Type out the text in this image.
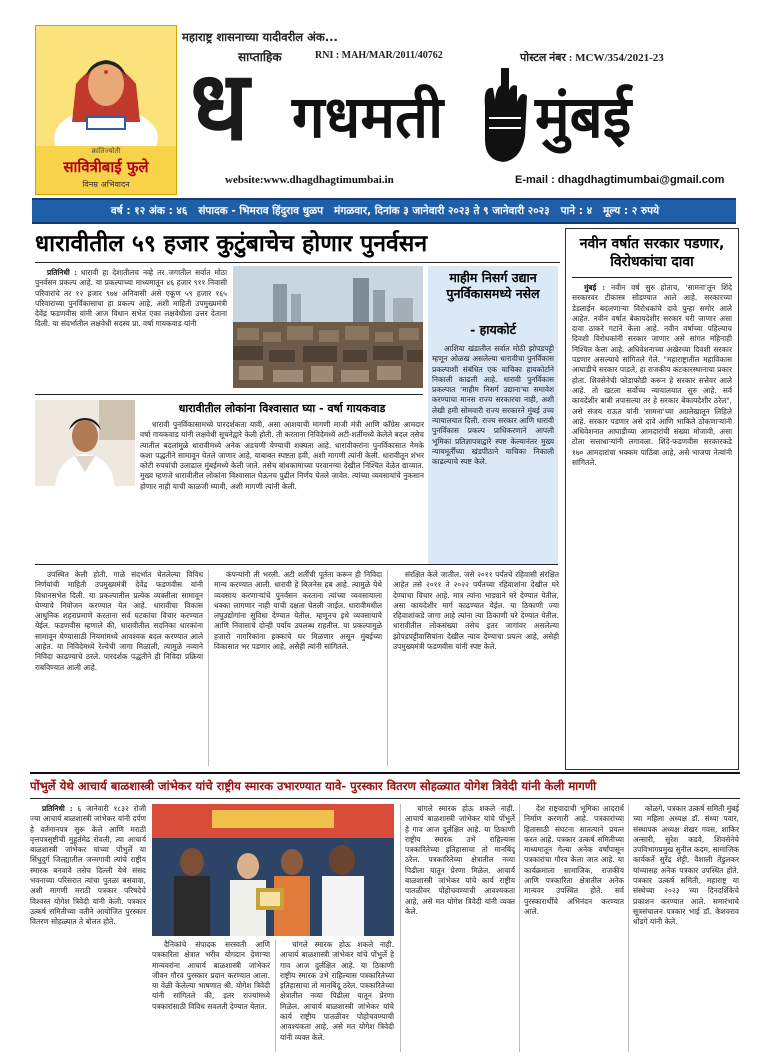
क्रांतिज्योती
सावित्रीबाई फुले
विनम्र अभिवादन
महाराष्ट्र शासनाच्या यादीवरील अंक...
साप्ताहिक	RNI : MAH/MAR/2011/40762	पोस्टल नंबर : MCW/354/2021-23
ध गधमती मुंबई
website:www.dhagdhagtimumbai.in	E-mail : dhagdhagtimumbai@gmail.com
वर्ष : १२ अंक : ४६   संपादक - भिमराव हिंदुराव धुळप   मंगळवार, दिनांक ३ जानेवारी २०२३ ते ९ जानेवारी २०२३   पाने : ४   मूल्य : २ रुपये
धारावीतील ५९ हजार कुटुंबाचेच होणार पुनर्वसन

प्रतिनिधी : धारावी हा देशातीलच नव्हे तर जगातील सर्वात मोठा पुनर्वसन प्रकल्प आहे. या प्रकल्पाच्या माध्यमातून ४६ हजार ९११ निवासी परिवारांचे तर १२ हजार ९७४ अनिवासी असे एकूण ५९ हजार १६५ परिवाराच्या पुनर्विकासाचा हा प्रकल्प आहे, अशी माहिती उपमुख्यमंत्री देवेंद्र फडणवीस यांनी आज विधान सभेत एका लक्षवेधीला उत्तर देताना दिली. या संदर्भातील लक्षवेधी सदस्य प्रा. वर्षा गायकवाड यांनी

माहीम निसर्ग उद्यान पुनर्विकासमध्ये नसेल
- हायकोर्ट

आशिया खंडातील सर्वात मोठी झोपडपट्टी म्हणून ओळख असलेल्या धारावीचा पुनर्विकास प्रकल्पाशी संबंधित एक याचिका हायकोर्टाने निकाली काढली आहे. धारावी पुनर्विकास प्रकल्पात 'माहीम निसर्ग उद्याना'चा समावेश करण्याचा मानस राज्य सरकारचा नाही, अशी लेखी हमी सोमवारी राज्य सरकारने मुंबई उच्च न्यायालयात दिली. राज्य सरकार आणि धारावी पुनर्विकास प्रकल्प प्राधिकरणाने आपली भूमिका प्रतिज्ञापत्राद्वारे स्पष्ट केल्यानंतर मुख्य न्यायमूर्तींच्या खंडपीठाने याचिका निकाली काढल्याचे स्पष्ट केले.

धारावीतील लोकांना विश्वासात घ्या - वर्षा गायकवाड

धारावी पुनर्विकासामध्ये पारदर्शकता यावी, असा आशयाची मागणी माजी मंत्री आणि काँग्रेस आमदार वर्षा गायकवाड यांनी लक्षवेधी सूचनेद्वारे केली होती. ती करताना निविदेमध्ये अटी-शर्तीमध्ये केलेले बदल तसेच त्यातील बदलांमुळे धारावीमध्ये अनेक अडचणी येण्याची शक्यता आहे. धारावीकरांना पुनर्विकासात नेमके कशा पद्धतीने सामावून घेतले जाणार आहे, याबाबत स्पष्टता हवी, अशी मागणी त्यांनी केली. धारावीतून शंभर कोटी रुपयांची उलाढाल मुंबईमध्ये केली जाते. तसेच बांधकामाच्या परवानग्या देखील निश्चित वेळेत द्याव्यात. मुख्य म्हणजे धारावीतील लोकांना विश्वासात घेऊनच पुढील निर्णय घेतले जावेत. त्यांच्या व्यवसायांचे नुकसान होणार नाही याची काळजी घ्यावी, अशी मागणी त्यांनी केली.

उपस्थित केली होती. गाळे संदर्भात घेतलेल्या विविध निर्णयांची माहिती उपमुख्यमंत्री देवेंद्र फडणवीस यांनी विधानसभेत दिली. या प्रकल्पातील प्रत्येक व्यक्तीला सामावून घेण्याचे नियोजन करण्यात येत आहे. धारावीचा विकास आधुनिक शहराप्रमाणे करताना सर्व घटकांचा विचार करण्यात येईल. फडणवीस म्हणाले की, धारावीतील सदनिका धारकांना सामावून घेण्यासाठी नियमांमध्ये आवश्यक बदल करण्यात आले आहेत. या निविदेमध्ये रेल्वेची जागा मिळाली, त्यामुळे नव्याने निविदा काढण्याचे ठरले. पारदर्शक पद्धतीने ही निविदा प्रक्रिया राबविण्यात आली आहे.

कंपन्यांनी ती भरली. अटी शर्तींची पूर्तता करून ही निविदा मान्य करण्यात आली. धारावी हे बिजनेस हब आहे. त्यामुळे येथे व्यवसाय करणाऱ्यांचे पुनर्वसन करताना त्यांच्या व्यवसायाला धक्का लागणार नाही याची दक्षता घेतली जाईल. धारावीमधील लघुउद्योगांना सुविधा देण्यात येतील. म्हणूनच इथे व्यवसायाचे आणि निवासाचे दोन्ही पर्याय उपलब्ध राहतील. या प्रकल्पामुळे हजारो नागरिकांना हक्काचे घर मिळणार असून मुंबईच्या विकासात भर पडणार आहे, असेही त्यांनी सांगितले.

संरक्षित केले जातील. जसे २०११ पर्यंतचे रहिवासी संरक्षित आहेत तसे २०११ ते २०२२ पर्यंतच्या रहिवाशांना देखील घरे देण्याचा विचार आहे. मात्र त्यांना भाड्याने घरे देण्यात येतील, असा कायदेशीर मार्ग काढण्यात येईल. या ठिकाणी ज्या रहिवाशांकडे जागा आहे त्यांना त्या ठिकाणी घरे देण्यात येतील. धारावीतील लोकसंख्या तसेच इतर जागांवर असलेल्या झोपडपट्टीवासियांना देखील न्याय देण्याचा प्रयत्न आहे, असेही उपमुख्यमंत्री फडणवीस यांनी स्पष्ट केले.

नवीन वर्षात सरकार पडणार, विरोधकांचा दावा

मुंबई : नवीन वर्ष सुरु होताच, 'सामना'तून शिंदे सरकारवर टीकास्त्र सोडण्यात आले आहे. सरकारच्या डेडलाईन बदलणाऱ्या विरोधकांचे दावे पुन्हा समोर आले आहेत. नवीन वर्षात बेकायदेशीर सरकार घरी जाणार असा दावा ठाकरे गटाने केला आहे. नवीन वर्षाच्या पहिल्याच दिवशी विरोधकांनी सरकार जाणार असे सांगत महिनाही निश्चित केला आहे. अधिवेशनाच्या अखेरच्या दिवशी सरकार पडणार असल्याचे सांगितले गेले. "महाराष्ट्रातील महाविकास आघाडीचे सरकार पाडले, हा राजकीय कटकारस्थानाचा प्रकार होता. शिवसेनेची फोडाफोडी करून हे सरकार सत्तेवर आले आहे. तो खटला सर्वोच्च न्यायालयात सुरु आहे. सर्व कायदेशीर बाबी तपासल्या तर हे सरकार बेकायदेशीर ठरेल", असे संजय राऊत यांनी 'सामना'च्या अग्रलेखातून लिहिले आहे. सरकार पडणार असे दावे आणि भाकिते ठोकणाऱ्यांनी अधिवेशनात आघाडीच्या आमदारांची संख्या मोजावी, असा टोला सत्ताधाऱ्यांनी लगावला. शिंदे-फडणवीस सरकारकडे १७० आमदारांचा भक्कम पाठिंबा आहे, असे भाजपा नेत्यांनी सांगितले.

पोंभुर्ले येथे आचार्य बाळशास्त्री जांभेकर यांचे राष्ट्रीय स्मारक उभारण्यात यावे- पुरस्कार वितरण सोहळ्यात योगेश त्रिवेदी यांनी केली मागणी

प्रतिनिधी : ६ जानेवारी १८३२ रोजी ज्या आचार्य बाळशास्त्री जांभेकर यांनी दर्पण हे वर्तमानपत्र सुरू केले आणि मराठी वृत्तपत्रसृष्टीची मुहूर्तमेढ रोवली, त्या आचार्य बाळशास्त्री जांभेकर यांच्या पोंभुर्ले या सिंधुदुर्ग जिल्ह्यातील जन्मगावी त्यांचे राष्ट्रीय स्मारक बनवावे तसेच दिल्ली येथे संसद भवनाच्या परिसरात त्यांचा पुतळा बसवावा, अशी मागणी मराठी पत्रकार परिषदेचे विश्वस्त योगेश त्रिवेदी यांनी केली. पत्रकार उत्कर्ष समितीच्या वतीने आयोजित पुरस्कार वितरण सोहळ्यात ते बोलत होते.

दैनिकांचे संपादक सरस्वती आणि पत्रकारिता क्षेत्रात भरीव योगदान देणाऱ्या मान्यवरांना आचार्य बाळशास्त्री जांभेकर जीवन गौरव पुरस्कार प्रदान करण्यात आला. या वेळी केलेल्या भाषणात श्री. योगेश त्रिवेदी यांनी सांगितले की, इतर राज्यांमध्ये पत्रकारांसाठी विविध सवलती देण्यात येतात.

चांगले स्मारक होऊ शकले नाही. आचार्य बाळशास्त्री जांभेकर यांचे पोंभुर्ले हे गाव आज दुर्लक्षित आहे. या ठिकाणी राष्ट्रीय स्मारक उभे राहिल्यास पत्रकारितेच्या इतिहासाचा तो मानबिंदू ठरेल. पत्रकारितेच्या क्षेत्रातील नव्या पिढीला यातून प्रेरणा मिळेल. आचार्य बाळशास्त्री जांभेकर यांचे कार्य राष्ट्रीय पातळीवर पोहोचवण्याची आवश्यकता आहे, असे मत योगेश त्रिवेदी यांनी व्यक्त केले.

चांगले स्मारक होऊ शकले नाही. आचार्य बाळशास्त्री जांभेकर यांचे पोंभुर्ले हे गाव आज दुर्लक्षित आहे. या ठिकाणी राष्ट्रीय स्मारक उभे राहिल्यास पत्रकारितेच्या इतिहासाचा तो मानबिंदू ठरेल. पत्रकारितेच्या क्षेत्रातील नव्या पिढीला यातून प्रेरणा मिळेल. आचार्य बाळशास्त्री जांभेकर यांचे कार्य राष्ट्रीय पातळीवर पोहोचवण्याची आवश्यकता आहे, असे मत योगेश त्रिवेदी यांनी व्यक्त केले.

देश राष्ट्रवादाची भूमिका आदरार्थ निर्माण करणारी आहे. पत्रकारांच्या हितासाठी संघटना सातत्याने प्रयत्न करत आहे. पत्रकार उत्कर्ष समितीच्या माध्यमातून गेल्या अनेक वर्षांपासून पत्रकारांचा गौरव केला जात आहे. या कार्यक्रमाला सामाजिक, राजकीय आणि पत्रकारिता क्षेत्रातील अनेक मान्यवर उपस्थित होते. सर्व पुरस्कारार्थींचे अभिनंदन करण्यात आले.

कोळगे, पत्रकार उत्कर्ष समिती मुंबई च्या महिला अध्यक्ष डॉ. संध्या पवार, संस्थापक अध्यक्ष शेखर गवस, शाकिर अन्सारी, सुरेश कडवे, शिवसेनेचे उपविभागप्रमुख सुनील कदम, सामाजिक कार्यकर्ते सुरेंद्र शेट्टी, वैशाली तेंडुलकर यांच्यासह अनेक पत्रकार उपस्थित होते. पत्रकार उत्कर्ष समिती, महाराष्ट्र या संस्थेच्या २०२३ च्या दिनदर्शिकेचे प्रकाशन करण्यात आले. समारंभाचे सूत्रसंचालन पत्रकार भाई डॉ. केशवराव धोंडगे यांनी केले.
